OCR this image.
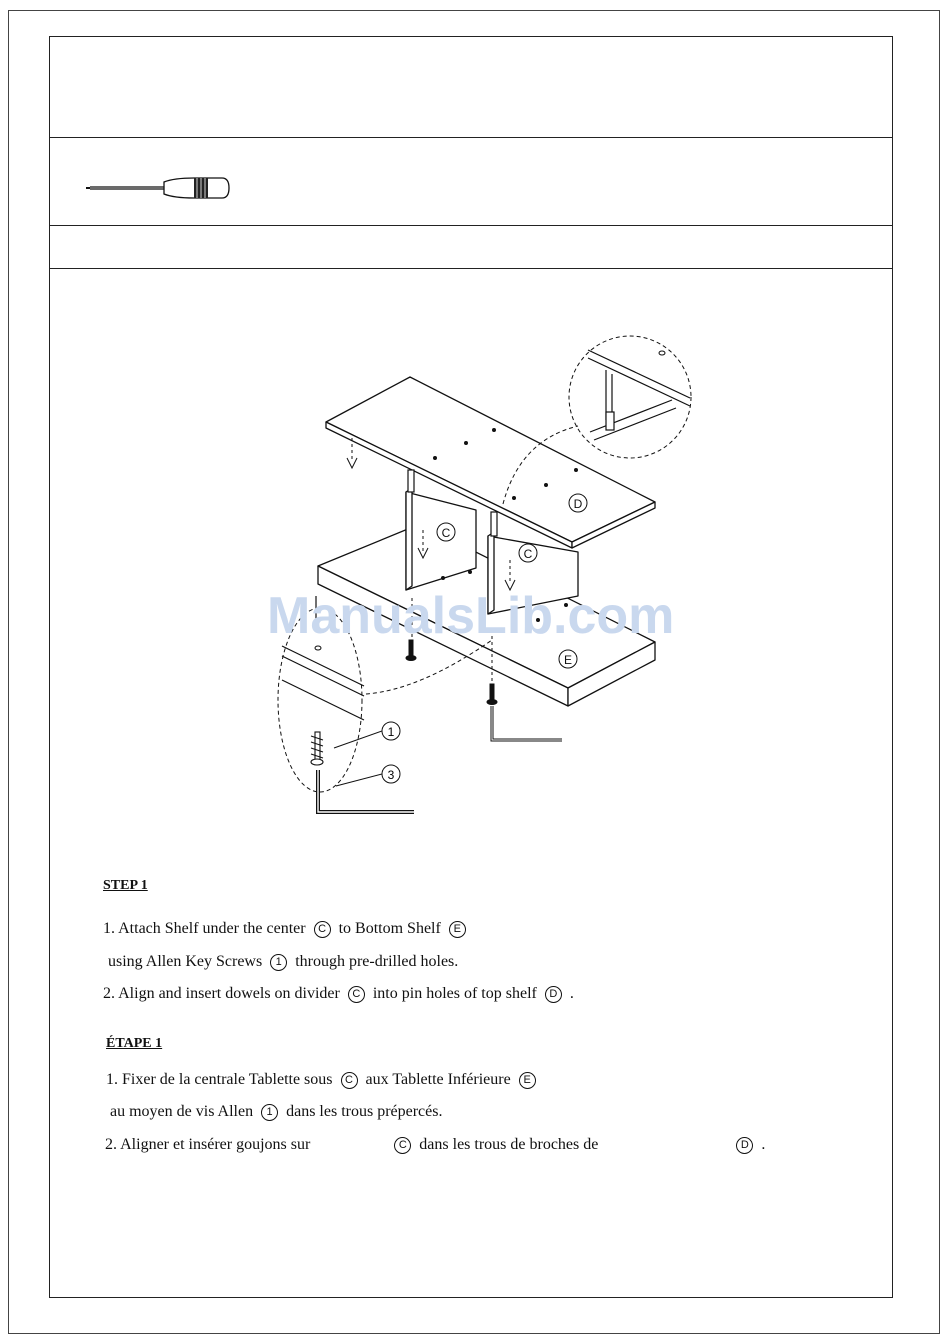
C
C
D
E
1
3
ManualsLib.com
STEP 1
1. Attach Shelf under the center C to Bottom Shelf E
using Allen Key Screws 1 through pre-drilled holes.
2. Align and insert dowels on divider C into pin holes of top shelf D .
ÉTAPE 1
1. Fixer de la centrale Tablette sous C aux Tablette Inférieure E
au moyen de vis Allen 1 dans les trous prépercés.
2. Aligner et insérer goujons sur	C dans les trous de broches de	D .
